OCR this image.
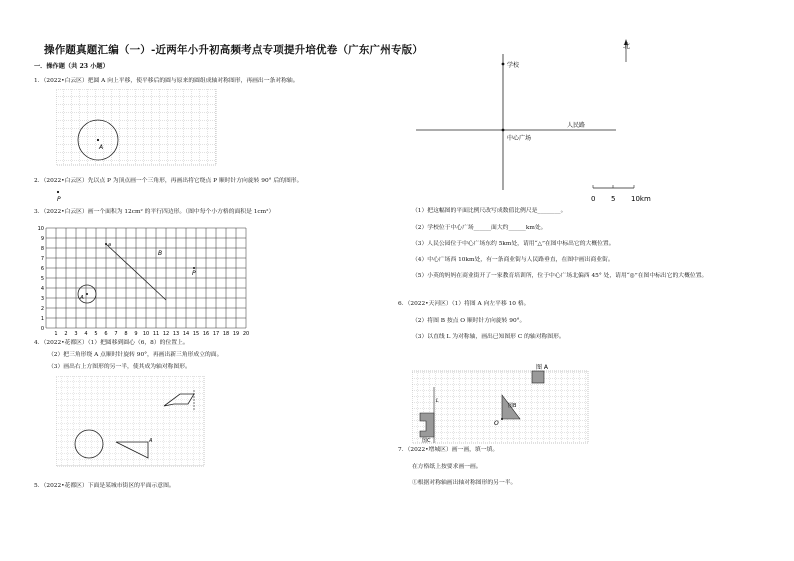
操作题真题汇编（一）-近两年小升初高频考点专项提升培优卷（广东广州专版）
一．操作题（共 23 小题）
1．（2022•白云区）把圆 A 向上平移，使平移后的圆与原来的圆组成轴对称图形，再画出一条对称轴。
A
2．（2022•白云区）先以点 P 为顶点画一个三角形，再画出将它绕点 P 顺时针方向旋转 90° 后的图形。
P
3．（2022•白云区）画一个面积为 12cm² 的平行四边形。（图中每个小方格的面积是 1cm²）
0
1
2
3
4
5
6
7
8
9
10
1 2 3 4 5 6 7 8 9 10 11 12 13 14 15 16 17 18 19 20
a
B
P
A
4．（2022•花都区）（1）把圆移到圆心（6，8）的位置上。
（2）把三角形绕 A 点顺时针旋转 90°，再画出新三角形成立的面。
（3）画出右上方图形的另一半，使其成为轴对称图形。
A
5．（2022•花都区）下面是某城市街区的平面示意图。
北
学校
人民路
中心广场
0 5 10km
（1）把这幅图的平面比例尺改写成数值比例尺是________。
（2）学校位于中心广场______面大约______km处。
（3）人民公园位于中心广场东约 5km处，请用“△”在图中标出它的大概位置。
（4）中心广场西 10km处，有一条商业街与人民路垂直，在图中画出商业街。
（5）小英的妈妈在商业街开了一家教育培训所，位于中心广场北偏西 45° 处，请用“◎”在图中标出它的大概位置。
6．（2022•天河区）（1）将图 A 向左平移 10 格。
（2）将图 B 按点 O 顺时针方向旋转 90°。
（3）以直线 L 为对称轴，画出已知图形 C 的轴对称图形。
图 A
图B
O
L
图C
7．（2022•增城区）画一画，填一填。
在方格纸上按要求画一画。
①根据对称轴画出轴对称图形的另一半。
